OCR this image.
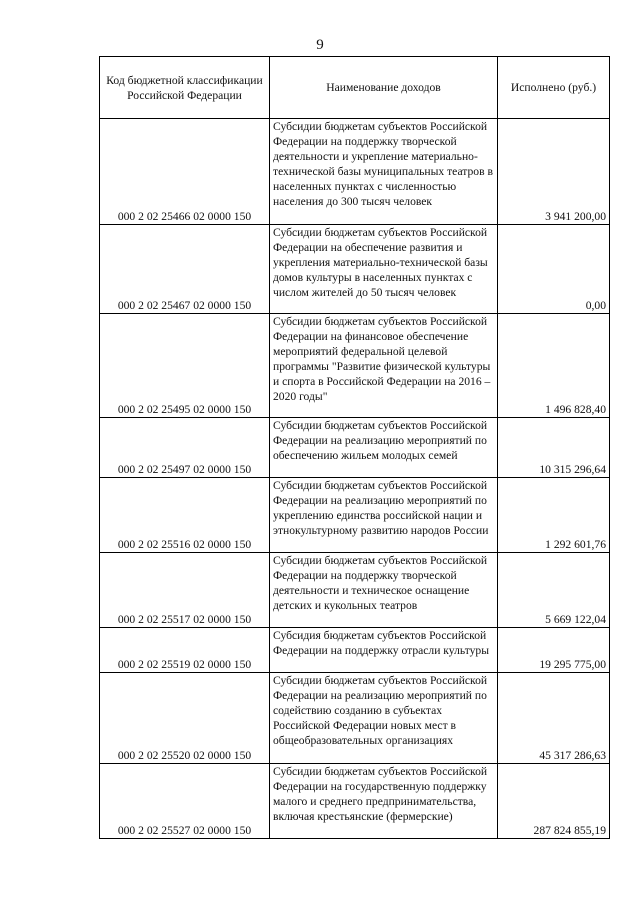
9
Код бюджетной классификации Российской Федерации	Наименование доходов	Исполнено (руб.)
000 2 02 25466 02 0000 150	Субсидии бюджетам субъектов Российской Федерации на поддержку творческой деятельности и укрепление материально-технической базы муниципальных театров в населенных пунктах с численностью населения до 300 тысяч человек	3 941 200,00
000 2 02 25467 02 0000 150	Субсидии бюджетам субъектов Российской Федерации на обеспечение развития и укрепления материально-технической базы домов культуры в населенных пунктах с числом жителей до 50 тысяч человек	0,00
000 2 02 25495 02 0000 150	Субсидии бюджетам субъектов Российской Федерации на финансовое обеспечение мероприятий федеральной целевой программы "Развитие физической культуры и спорта в Российской Федерации на 2016 – 2020 годы"	1 496 828,40
000 2 02 25497 02 0000 150	Субсидии бюджетам субъектов Российской Федерации на реализацию мероприятий по обеспечению жильем молодых семей	10 315 296,64
000 2 02 25516 02 0000 150	Субсидии бюджетам субъектов Российской Федерации на реализацию мероприятий по укреплению единства российской нации и этнокультурному развитию народов России	1 292 601,76
000 2 02 25517 02 0000 150	Субсидии бюджетам субъектов Российской Федерации на поддержку творческой деятельности и техническое оснащение детских и кукольных театров	5 669 122,04
000 2 02 25519 02 0000 150	Субсидия бюджетам субъектов Российской Федерации на поддержку отрасли культуры	19 295 775,00
000 2 02 25520 02 0000 150	Субсидии бюджетам субъектов Российской Федерации на реализацию мероприятий по содействию созданию в субъектах Российской Федерации новых мест в общеобразовательных организациях	45 317 286,63
000 2 02 25527 02 0000 150	Субсидии бюджетам субъектов Российской Федерации на государственную поддержку малого и среднего предпринимательства, включая крестьянские (фермерские)	287 824 855,19
